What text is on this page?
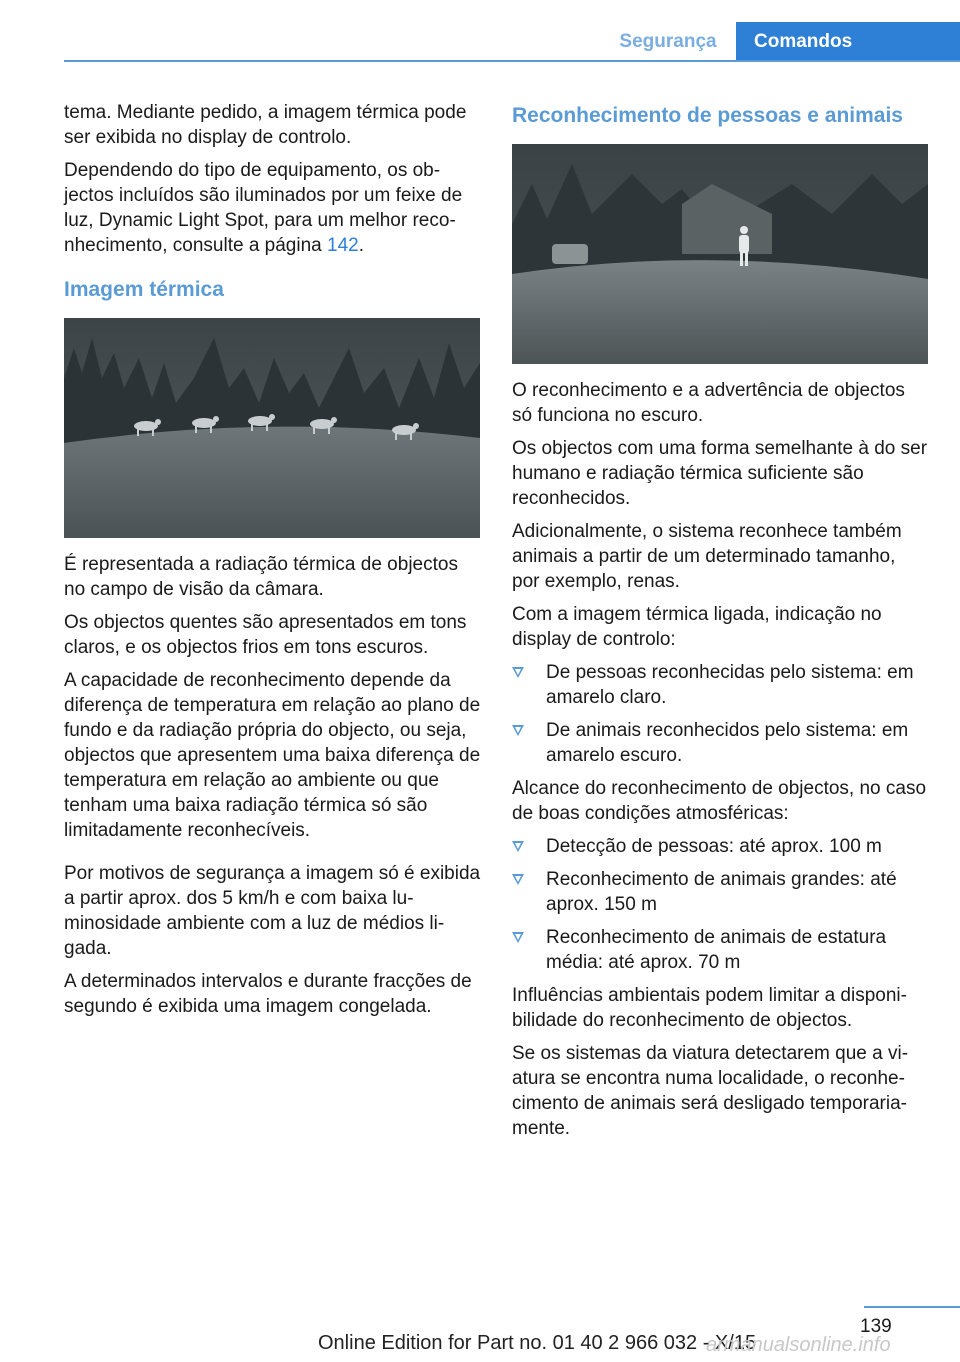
Segurança	Comandos

tema. Mediante pedido, a imagem térmica pode ser exibida no display de controlo.

Dependendo do tipo de equipamento, os objectos incluídos são iluminados por um feixe de luz, Dynamic Light Spot, para um melhor reconhecimento, consulte a página 142.

Imagem térmica

É representada a radiação térmica de objectos no campo de visão da câmara.

Os objectos quentes são apresentados em tons claros, e os objectos frios em tons escuros.

A capacidade de reconhecimento depende da diferença de temperatura em relação ao plano de fundo e da radiação própria do objecto, ou seja, objectos que apresentem uma baixa diferença de temperatura em relação ao ambiente ou que tenham uma baixa radiação térmica só são limitadamente reconhecíveis.

Por motivos de segurança a imagem só é exibida a partir aprox. dos 5 km/h e com baixa luminosidade ambiente com a luz de médios ligada.

A determinados intervalos e durante fracções de segundo é exibida uma imagem congelada.

Reconhecimento de pessoas e animais

O reconhecimento e a advertência de objectos só funciona no escuro.

Os objectos com uma forma semelhante à do ser humano e radiação térmica suficiente são reconhecidos.

Adicionalmente, o sistema reconhece também animais a partir de um determinado tamanho, por exemplo, renas.

Com a imagem térmica ligada, indicação no display de controlo:

De pessoas reconhecidas pelo sistema: em amarelo claro.
De animais reconhecidos pelo sistema: em amarelo escuro.

Alcance do reconhecimento de objectos, no caso de boas condições atmosféricas:

Detecção de pessoas: até aprox. 100 m
Reconhecimento de animais grandes: até aprox. 150 m
Reconhecimento de animais de estatura média: até aprox. 70 m

Influências ambientais podem limitar a disponibilidade do reconhecimento de objectos.

Se os sistemas da viatura detectarem que a viatura se encontra numa localidade, o reconhecimento de animais será desligado temporariamente.

139
Online Edition for Part no. 01 40 2 966 032 - X/15
armanualsonline.info
